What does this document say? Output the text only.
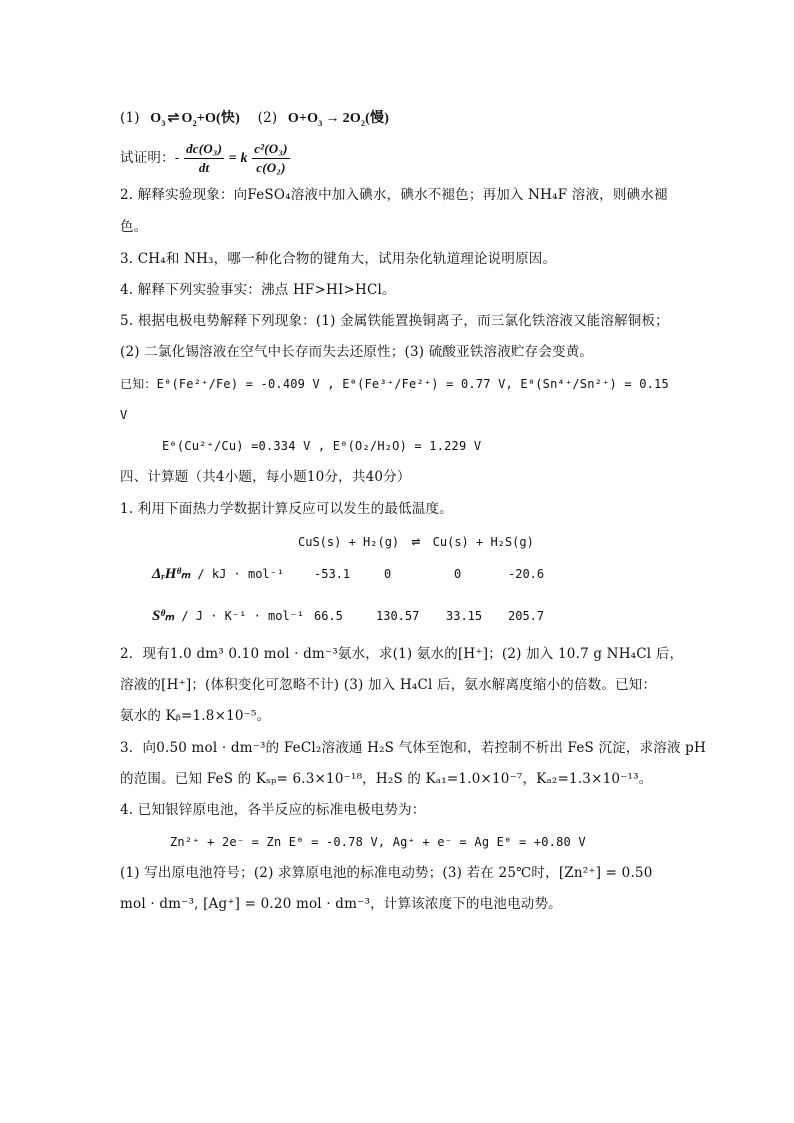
(1) $O_3$ ⇌ $O_2+O$(快) (2) $O+O_3 \to 2O_2$(慢)
试证明：- $\frac{\text{dc(O₃)}}{dt} = k \frac{\text{c²(O₃)}}{\text{c(O₂)}}$
2. 解释实验现象：向FeSO₄溶液中加入碘水，碘水不褪色；再加入 NH₄F 溶液，则碘水褪
色。
3. CH₄和 NH₃，哪一种化合物的键角大，试用杂化轨道理论说明原因。
4. 解释下列实验事实：沸点 HF>HI>HCl。
5. 根据电极电势解释下列现象：(1) 金属铁能置换铜离子，而三氯化铁溶液又能溶解铜板；
(2) 二氯化锡溶液在空气中长存而失去还原性；(3) 硫酸亚铁溶液贮存会变黄。
已知：Eᶿ(Fe²⁺/Fe) = -0.409 V , Eᶿ(Fe³⁺/Fe²⁺) = 0.77 V, Eᶿ(Sn⁴⁺/Sn²⁺) = 0.15
V
Eᶿ(Cu²⁺/Cu) =0.334 V , Eᶿ(O₂/H₂O) = 1.229 V
四、计算题（共4小题，每小题10分，共40分）
1. 利用下面热力学数据计算反应可以发生的最低温度。
CuS(s) + H₂(g) ⇌ Cu(s) + H₂S(g)
ΔᵣHᶿₘ / kJ · mol⁻¹ -53.1	0	0	-20.6
Sᶿₘ / J · K⁻¹ · mol⁻¹ 66.5	130.57 33.15 205.7
2．现有1.0 dm³ 0.10 mol · dm⁻³氨水，求(1) 氨水的[H⁺]；(2) 加入 10.7 g NH₄Cl 后，
溶液的[H⁺]；(体积变化可忽略不计) (3) 加入 H₄Cl 后，氨水解离度缩小的倍数。已知：
氨水的 Kᵦ=1.8×10⁻⁵。
3．向0.50 mol · dm⁻³的 FeCl₂溶液通 H₂S 气体至饱和，若控制不析出 FeS 沉淀，求溶液 pH
的范围。已知 FeS 的 Kₛₚ= 6.3×10⁻¹⁸，H₂S 的 Kₐ₁=1.0×10⁻⁷，Kₐ₂=1.3×10⁻¹³。
4. 已知银锌原电池，各半反应的标准电极电势为：
Zn²⁺ + 2e⁻ = Zn Eᶿ = -0.78 V, Ag⁺ + e⁻ = Ag Eᶿ = +0.80 V
(1) 写出原电池符号；(2) 求算原电池的标准电动势；(3) 若在 25℃时，[Zn²⁺] = 0.50
mol · dm⁻³, [Ag⁺] = 0.20 mol · dm⁻³，计算该浓度下的电池电动势。
